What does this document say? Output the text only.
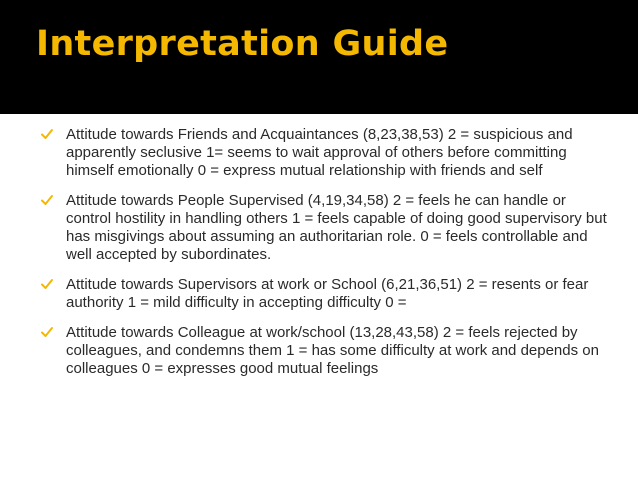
Interpretation Guide
Attitude towards Friends and Acquaintances (8,23,38,53) 2 = suspicious and apparently seclusive 1= seems to wait approval of others before committing himself emotionally 0 = express mutual relationship with friends and self
Attitude towards People Supervised (4,19,34,58) 2 = feels he can handle or control hostility in handling others 1 = feels capable of doing good supervisory but has misgivings about assuming an authoritarian role. 0 = feels controllable and well accepted by subordinates.
Attitude towards Supervisors at work or School (6,21,36,51) 2 = resents or fear authority 1 = mild difficulty in accepting difficulty 0 =
Attitude towards Colleague at work/school (13,28,43,58) 2 = feels rejected by colleagues, and condemns them 1 = has some difficulty at work and depends on colleagues 0 = expresses good mutual feelings
